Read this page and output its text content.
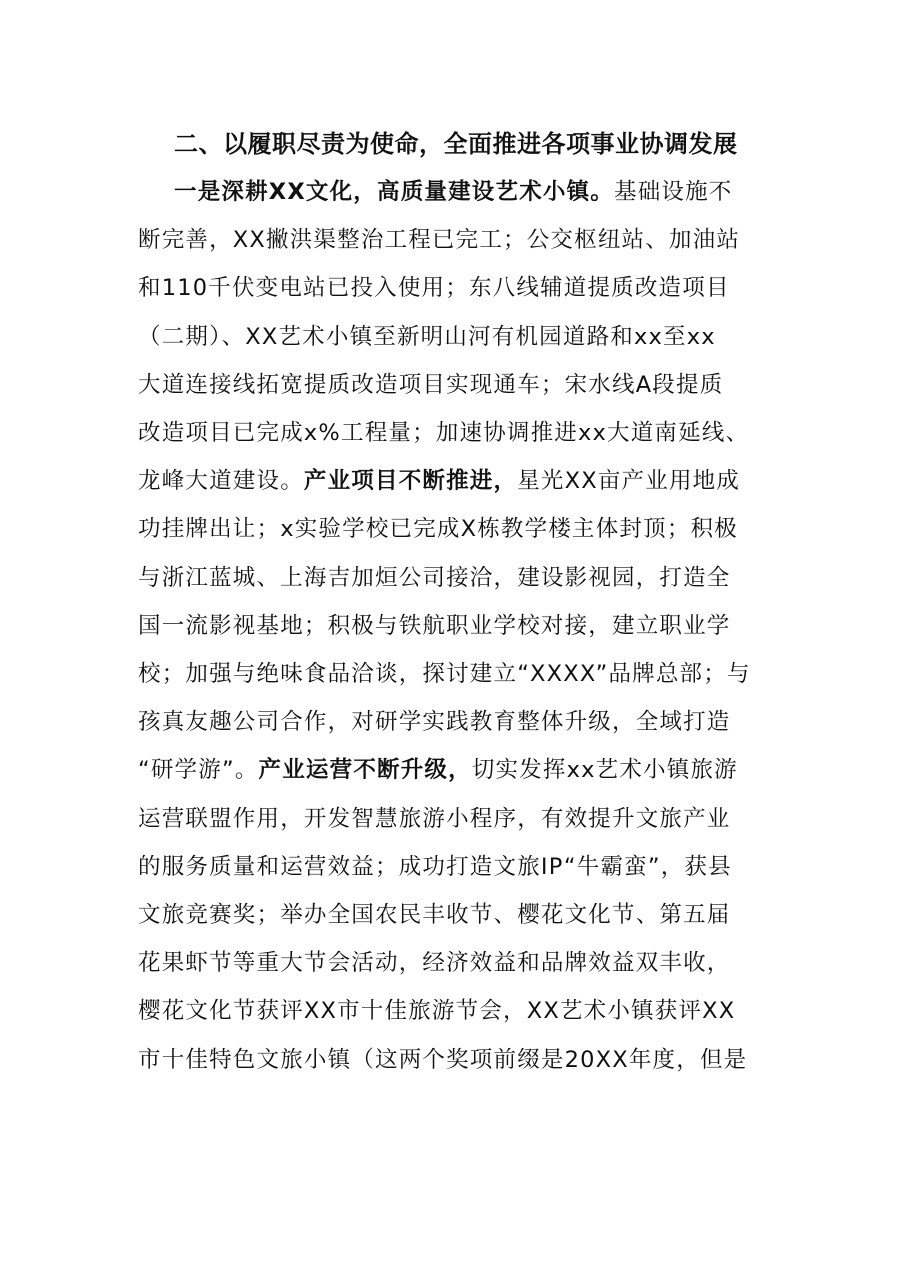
二、以履职尽责为使命，全面推进各项事业协调发展
一是深耕XX文化，高质量建设艺术小镇。基础设施不
断完善，XX撇洪渠整治工程已完工；公交枢纽站、加油站
和110千伏变电站已投入使用；东八线辅道提质改造项目
（二期）、XX艺术小镇至新明山河有机园道路和xx至xx
大道连接线拓宽提质改造项目实现通车；宋水线A段提质
改造项目已完成x%工程量；加速协调推进xx大道南延线、
龙峰大道建设。产业项目不断推进，星光XX亩产业用地成
功挂牌出让；x实验学校已完成X栋教学楼主体封顶；积极
与浙江蓝城、上海吉加烜公司接洽，建设影视园，打造全
国一流影视基地；积极与铁航职业学校对接，建立职业学
校；加强与绝味食品洽谈，探讨建立“XXXX”品牌总部；与
孩真友趣公司合作，对研学实践教育整体升级，全域打造
“研学游”。产业运营不断升级，切实发挥xx艺术小镇旅游
运营联盟作用，开发智慧旅游小程序，有效提升文旅产业
的服务质量和运营效益；成功打造文旅IP“牛霸蛮”，获县
文旅竞赛奖；举办全国农民丰收节、樱花文化节、第五届
花果虾节等重大节会活动，经济效益和品牌效益双丰收，
樱花文化节获评XX市十佳旅游节会，XX艺术小镇获评XX
市十佳特色文旅小镇（这两个奖项前缀是20XX年度，但是
